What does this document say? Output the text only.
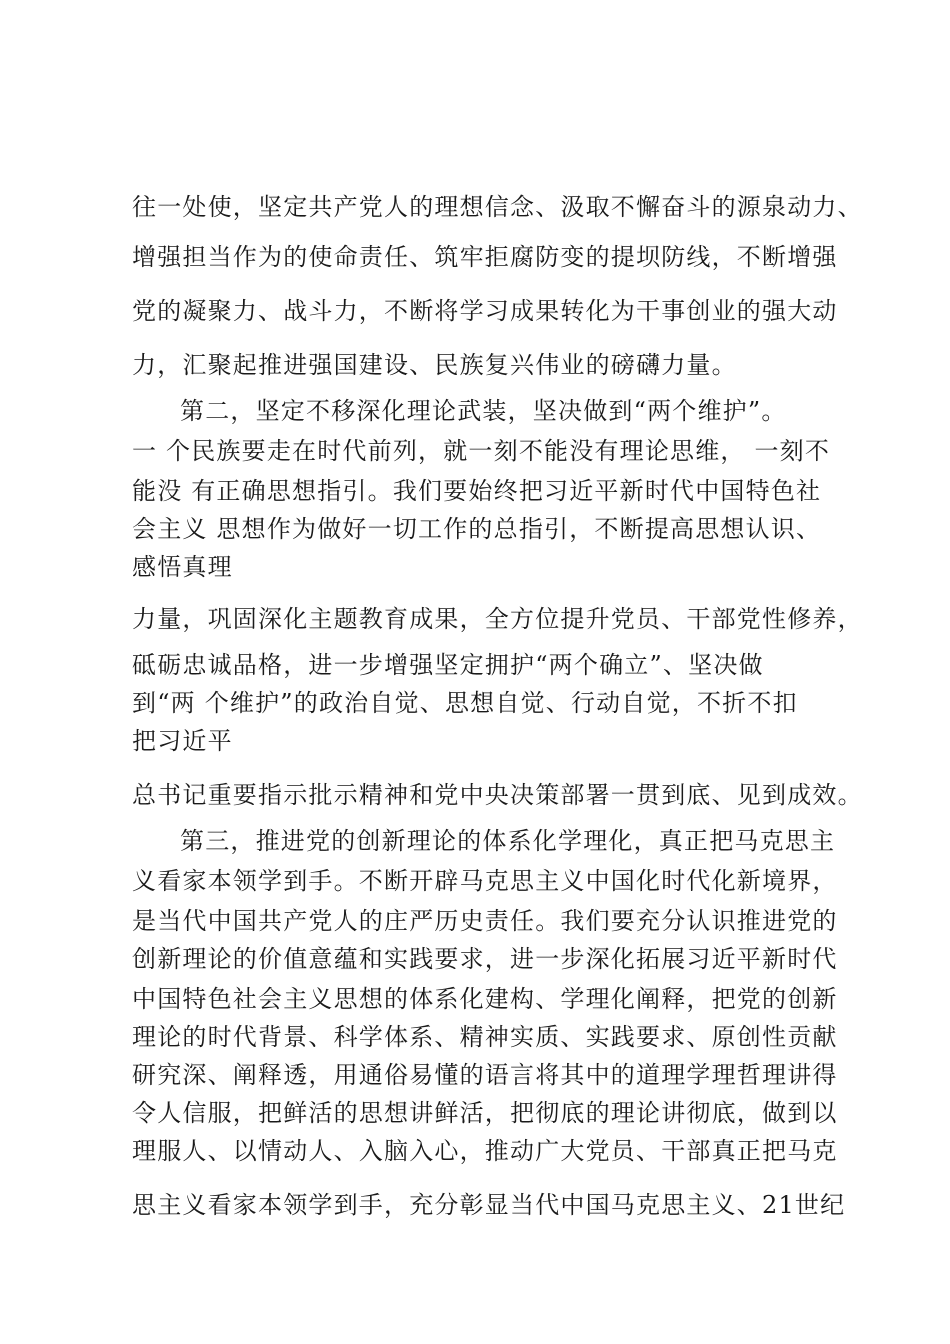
往一处使，坚定共产党人的理想信念、汲取不懈奋斗的源泉动力、
增强担当作为的使命责任、筑牢拒腐防变的提坝防线，不断增强
党的凝聚力、战斗力，不断将学习成果转化为干事创业的强大动
力，汇聚起推进强国建设、民族复兴伟业的磅礴力量。
第二，坚定不移深化理论武装，坚决做到“两个维护”。
一 个民族要走在时代前列，就一刻不能没有理论思维， 一刻不
能没 有正确思想指引。我们要始终把习近平新时代中国特色社
会主义 思想作为做好一切工作的总指引，不断提高思想认识、
感悟真理
力量，巩固深化主题教育成果，全方位提升党员、干部党性修养，
砥砺忠诚品格，进一步增强坚定拥护“两个确立”、坚决做
到“两 个维护”的政治自觉、思想自觉、行动自觉，不折不扣
把习近平
总书记重要指示批示精神和党中央决策部署一贯到底、见到成效。
第三，推进党的创新理论的体系化学理化，真正把马克思主
义看家本领学到手。不断开辟马克思主义中国化时代化新境界，
是当代中国共产党人的庄严历史责任。我们要充分认识推进党的
创新理论的价值意蕴和实践要求，进一步深化拓展习近平新时代
中国特色社会主义思想的体系化建构、学理化阐释，把党的创新
理论的时代背景、科学体系、精神实质、实践要求、原创性贡献
研究深、阐释透，用通俗易懂的语言将其中的道理学理哲理讲得
令人信服，把鲜活的思想讲鲜活，把彻底的理论讲彻底，做到以
理服人、以情动人、入脑入心，推动广大党员、干部真正把马克
思主义看家本领学到手，充分彰显当代中国马克思主义、21世纪
